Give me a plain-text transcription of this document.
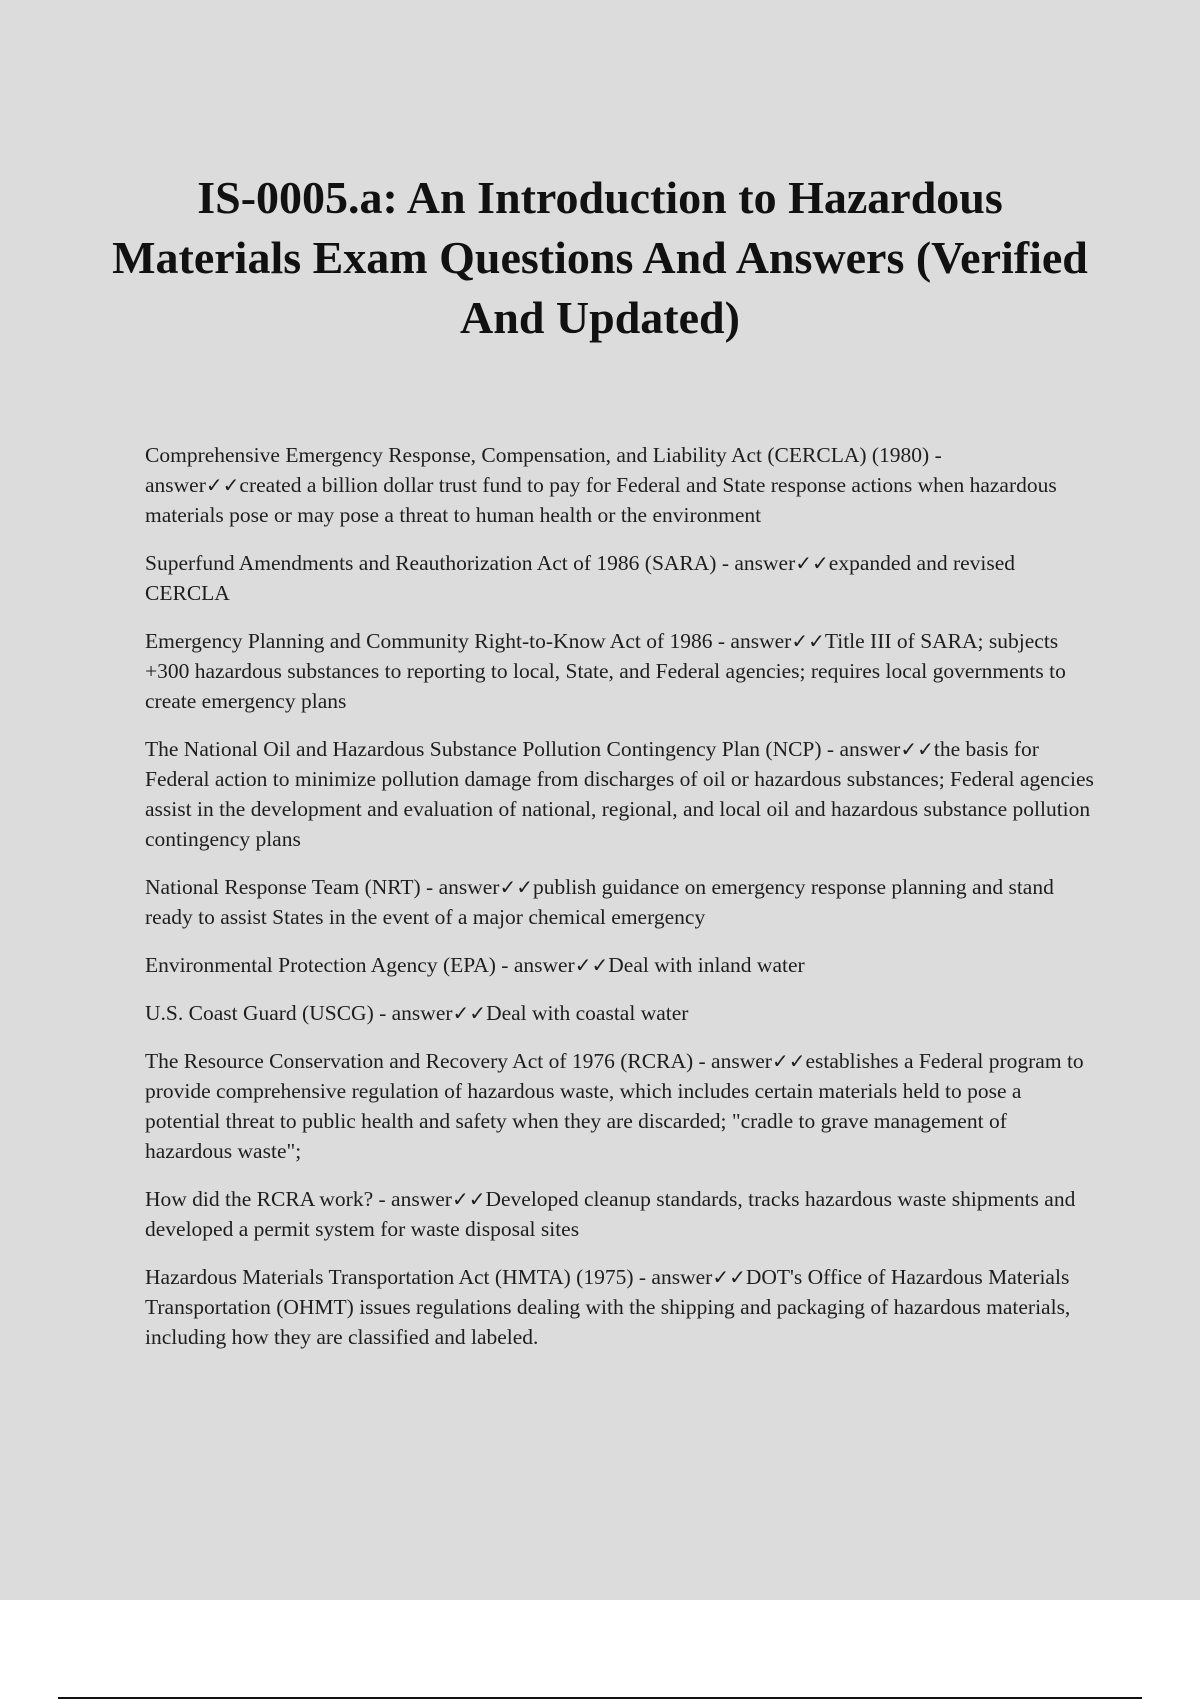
IS-0005.a: An Introduction to Hazardous Materials Exam Questions And Answers (Verified And Updated)

Comprehensive Emergency Response, Compensation, and Liability Act (CERCLA) (1980) - answer✓✓created a billion dollar trust fund to pay for Federal and State response actions when hazardous materials pose or may pose a threat to human health or the environment

Superfund Amendments and Reauthorization Act of 1986 (SARA) - answer✓✓expanded and revised CERCLA

Emergency Planning and Community Right-to-Know Act of 1986 - answer✓✓Title III of SARA; subjects +300 hazardous substances to reporting to local, State, and Federal agencies; requires local governments to create emergency plans

The National Oil and Hazardous Substance Pollution Contingency Plan (NCP) - answer✓✓the basis for Federal action to minimize pollution damage from discharges of oil or hazardous substances; Federal agencies assist in the development and evaluation of national, regional, and local oil and hazardous substance pollution contingency plans

National Response Team (NRT) - answer✓✓publish guidance on emergency response planning and stand ready to assist States in the event of a major chemical emergency

Environmental Protection Agency (EPA) - answer✓✓Deal with inland water

U.S. Coast Guard (USCG) - answer✓✓Deal with coastal water

The Resource Conservation and Recovery Act of 1976 (RCRA) - answer✓✓establishes a Federal program to provide comprehensive regulation of hazardous waste, which includes certain materials held to pose a potential threat to public health and safety when they are discarded; "cradle to grave management of hazardous waste";

How did the RCRA work? - answer✓✓Developed cleanup standards, tracks hazardous waste shipments and developed a permit system for waste disposal sites

Hazardous Materials Transportation Act (HMTA) (1975) - answer✓✓DOT's Office of Hazardous Materials Transportation (OHMT) issues regulations dealing with the shipping and packaging of hazardous materials, including how they are classified and labeled.
